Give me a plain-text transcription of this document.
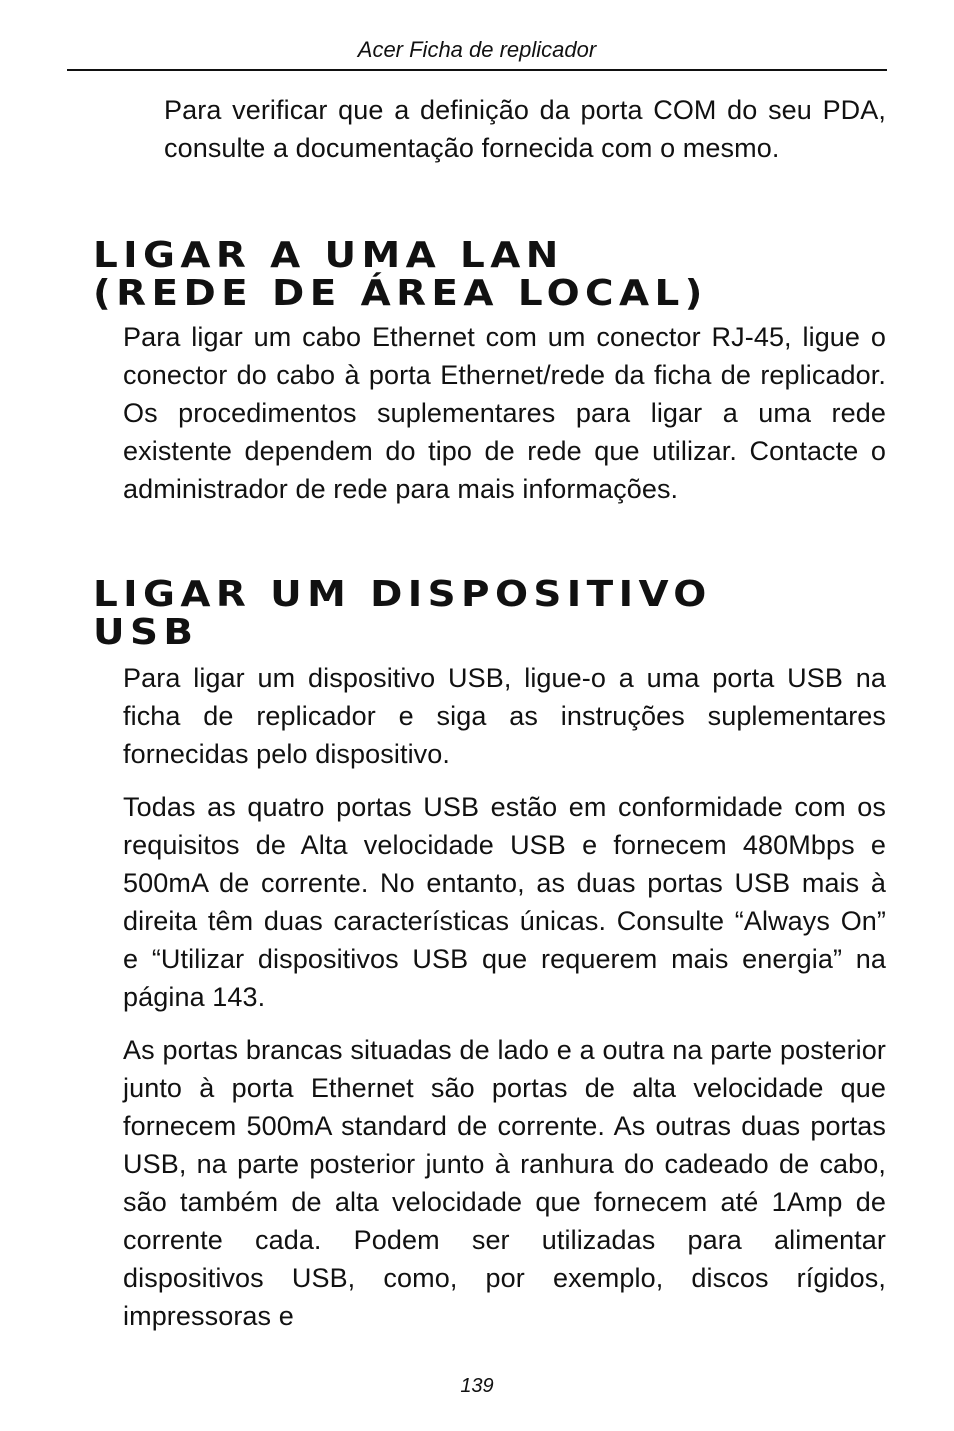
Acer Ficha de replicador

Para verificar que a definição da porta COM do seu PDA, consulte a documentação fornecida com o mesmo.

LIGAR A UMA LAN
(REDE DE ÁREA LOCAL)

Para ligar um cabo Ethernet com um conector RJ-45, ligue o conector do cabo à porta Ethernet/rede da ficha de replicador. Os procedimentos suplementares para ligar a uma rede existente dependem do tipo de rede que utilizar. Contacte o administrador de rede para mais informações.

LIGAR UM DISPOSITIVO
USB

Para ligar um dispositivo USB, ligue-o a uma porta USB na ficha de replicador e siga as instruções suplementares fornecidas pelo dispositivo.

Todas as quatro portas USB estão em conformidade com os requisitos de Alta velocidade USB e fornecem 480Mbps e 500mA de corrente. No entanto, as duas portas USB mais à direita têm duas características únicas. Consulte “Always On” e “Utilizar dispositivos USB que requerem mais energia” na página 143.

As portas brancas situadas de lado e a outra na parte posterior junto à porta Ethernet são portas de alta velocidade que fornecem 500mA standard de corrente. As outras duas portas USB, na parte posterior junto à ranhura do cadeado de cabo, são também de alta velocidade que fornecem até 1Amp de corrente cada. Podem ser utilizadas para alimentar dispositivos USB, como, por exemplo, discos rígidos, impressoras e

139
